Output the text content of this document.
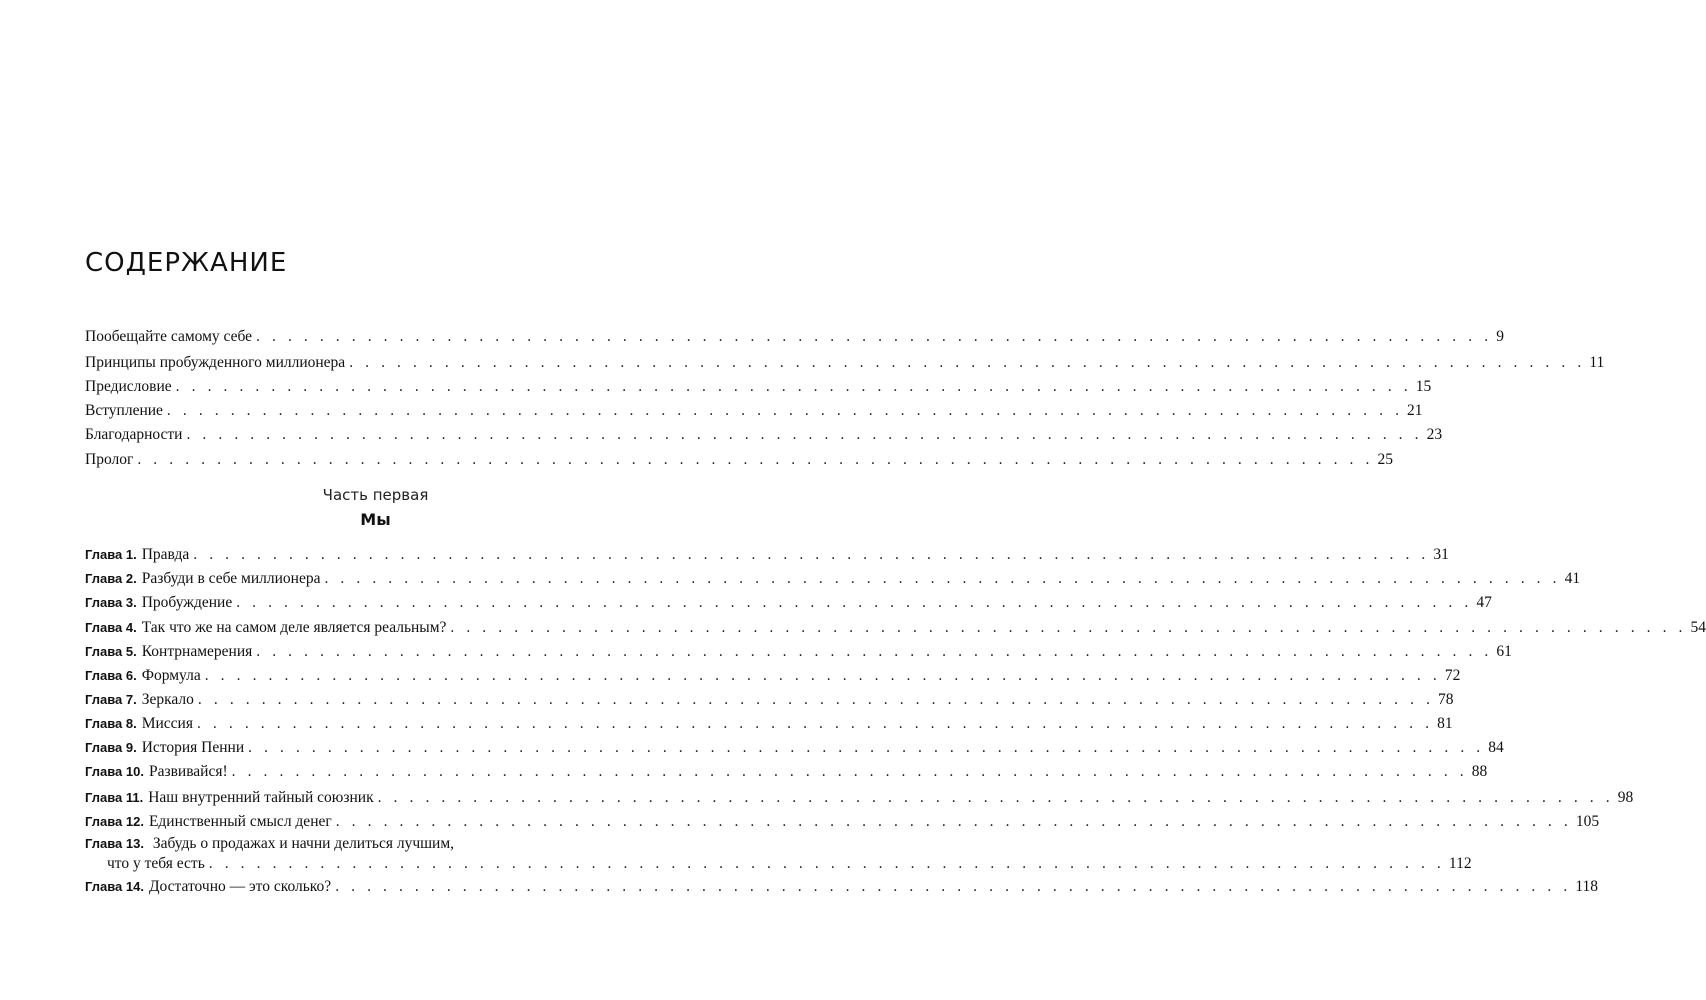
СОДЕРЖАНИЕ
Пообещайте самому себе . . . . . . . . . . . . . . . . . . . . . . . . . . . . . . . . . . . . . . . . . . . . . . . . . . . . . . . . . . . . . . . . . . . . . . . . . . . . . . 9
Принципы пробужденного миллионера . . . . . . . . . . . . . . . . . . . . . . . . . . . . . . . . . . . . . . . . . . . . . . . . . . . . . . . . . . . . . . . . . . . . . . . . . . . . . . 11
Предисловие . . . . . . . . . . . . . . . . . . . . . . . . . . . . . . . . . . . . . . . . . . . . . . . . . . . . . . . . . . . . . . . . . . . . . . . . . . . . . . 15
Вступление . . . . . . . . . . . . . . . . . . . . . . . . . . . . . . . . . . . . . . . . . . . . . . . . . . . . . . . . . . . . . . . . . . . . . . . . . . . . . . 21
Благодарности . . . . . . . . . . . . . . . . . . . . . . . . . . . . . . . . . . . . . . . . . . . . . . . . . . . . . . . . . . . . . . . . . . . . . . . . . . . . . . 23
Пролог . . . . . . . . . . . . . . . . . . . . . . . . . . . . . . . . . . . . . . . . . . . . . . . . . . . . . . . . . . . . . . . . . . . . . . . . . . . . . . 25
Часть первая
Мы
Глава 1. Правда . . . . . . . . . . . . . . . . . . . . . . . . . . . . . . . . . . . . . . . . . . . . . . . . . . . . . . . . . . . . . . . . . . . . . . . . . . . . . . 31
Глава 2. Разбуди в себе миллионера . . . . . . . . . . . . . . . . . . . . . . . . . . . . . . . . . . . . . . . . . . . . . . . . . . . . . . . . . . . . . . . . . . . . . . . . . . . . . . 41
Глава 3. Пробуждение . . . . . . . . . . . . . . . . . . . . . . . . . . . . . . . . . . . . . . . . . . . . . . . . . . . . . . . . . . . . . . . . . . . . . . . . . . . . . . 47
Глава 4. Так что же на самом деле является реальным? . . . . . . . . . . . . . . . . . . . . . . . . . . . . . . . . . . . . . . . . . . . . . . . . . . . . . . . . . . . . . . . . . . . . . . . . . . . . . . 54
Глава 5. Контрнамерения . . . . . . . . . . . . . . . . . . . . . . . . . . . . . . . . . . . . . . . . . . . . . . . . . . . . . . . . . . . . . . . . . . . . . . . . . . . . . . 61
Глава 6. Формула . . . . . . . . . . . . . . . . . . . . . . . . . . . . . . . . . . . . . . . . . . . . . . . . . . . . . . . . . . . . . . . . . . . . . . . . . . . . . . 72
Глава 7. Зеркало . . . . . . . . . . . . . . . . . . . . . . . . . . . . . . . . . . . . . . . . . . . . . . . . . . . . . . . . . . . . . . . . . . . . . . . . . . . . . . 78
Глава 8. Миссия . . . . . . . . . . . . . . . . . . . . . . . . . . . . . . . . . . . . . . . . . . . . . . . . . . . . . . . . . . . . . . . . . . . . . . . . . . . . . . 81
Глава 9. История Пенни . . . . . . . . . . . . . . . . . . . . . . . . . . . . . . . . . . . . . . . . . . . . . . . . . . . . . . . . . . . . . . . . . . . . . . . . . . . . . . 84
Глава 10. Развивайся! . . . . . . . . . . . . . . . . . . . . . . . . . . . . . . . . . . . . . . . . . . . . . . . . . . . . . . . . . . . . . . . . . . . . . . . . . . . . . . 88
Глава 11. Наш внутренний тайный союзник . . . . . . . . . . . . . . . . . . . . . . . . . . . . . . . . . . . . . . . . . . . . . . . . . . . . . . . . . . . . . . . . . . . . . . . . . . . . . . 98
Глава 12. Единственный смысл денег . . . . . . . . . . . . . . . . . . . . . . . . . . . . . . . . . . . . . . . . . . . . . . . . . . . . . . . . . . . . . . . . . . . . . . . . . . . . . . 105
Глава 13. Забудь о продажах и начни делиться лучшим,
что у тебя есть . . . . . . . . . . . . . . . . . . . . . . . . . . . . . . . . . . . . . . . . . . . . . . . . . . . . . . . . . . . . . . . . . . . . . . . . . . . . . . 112
Глава 14. Достаточно — это сколько? . . . . . . . . . . . . . . . . . . . . . . . . . . . . . . . . . . . . . . . . . . . . . . . . . . . . . . . . . . . . . . . . . . . . . . . . . . . . . . 118
